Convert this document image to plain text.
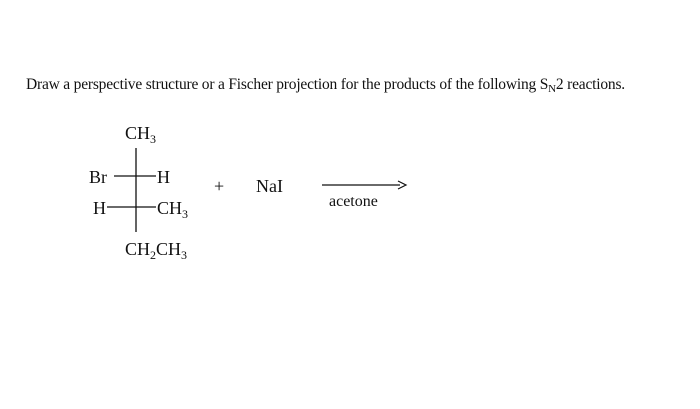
Draw a perspective structure or a Fischer projection for the products of the following $S_N2$ reactions.
$CH_3$
Br	H
H	$CH_3$
$CH_2CH_3$
+ NaI
acetone
